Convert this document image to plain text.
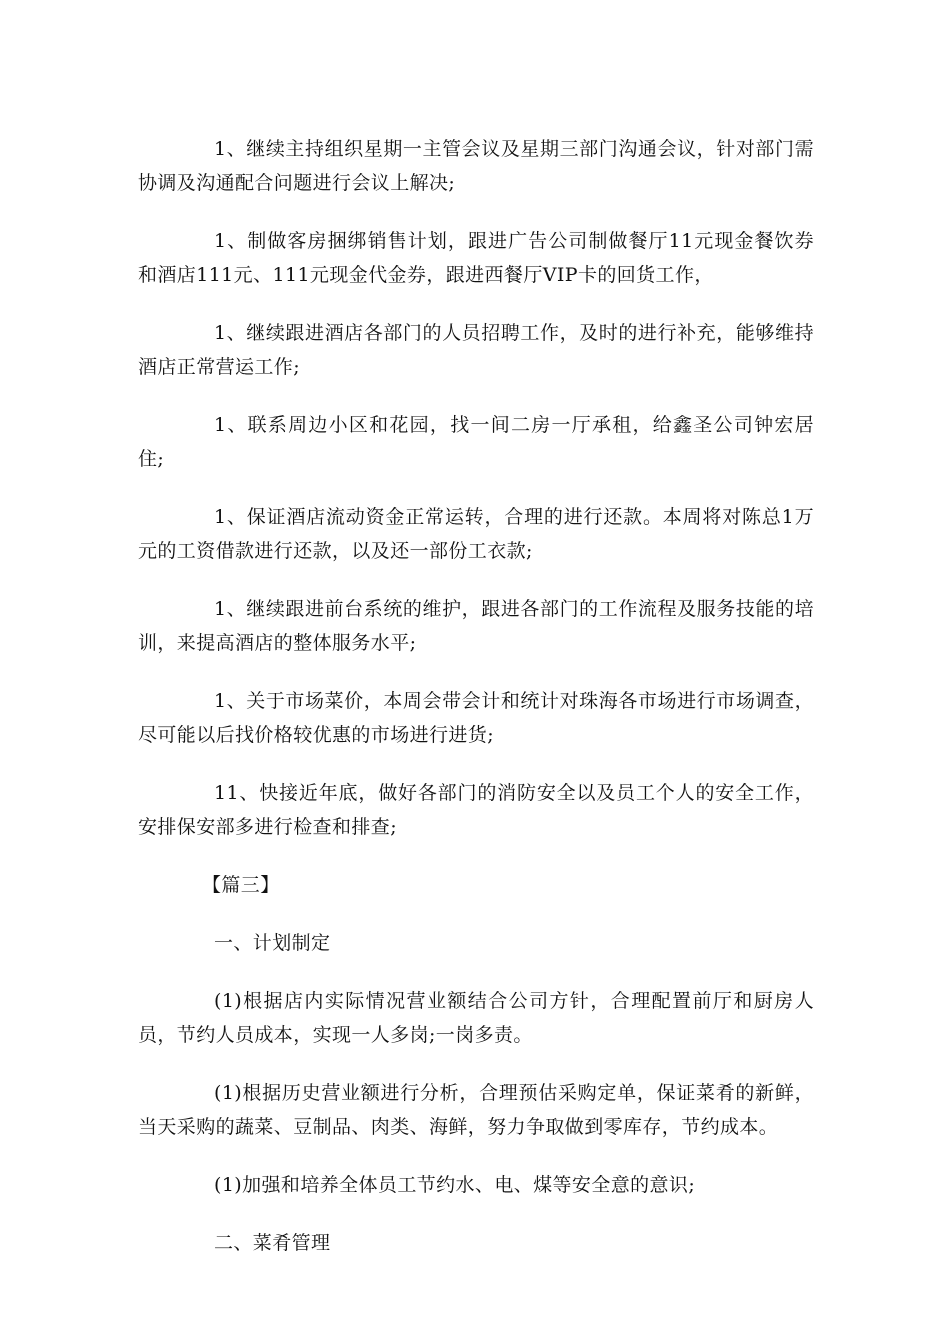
1、继续主持组织星期一主管会议及星期三部门沟通会议，针对部门需协调及沟通配合问题进行会议上解决;

1、制做客房捆绑销售计划，跟进广告公司制做餐厅11元现金餐饮券和酒店111元、111元现金代金券，跟进西餐厅VIP卡的回货工作，

1、继续跟进酒店各部门的人员招聘工作，及时的进行补充，能够维持酒店正常营运工作;

1、联系周边小区和花园，找一间二房一厅承租，给鑫圣公司钟宏居住;

1、保证酒店流动资金正常运转，合理的进行还款。本周将对陈总1万元的工资借款进行还款，以及还一部份工衣款;

1、继续跟进前台系统的维护，跟进各部门的工作流程及服务技能的培训，来提高酒店的整体服务水平;

1、关于市场菜价，本周会带会计和统计对珠海各市场进行市场调查，尽可能以后找价格较优惠的市场进行进货;

11、快接近年底，做好各部门的消防安全以及员工个人的安全工作，安排保安部多进行检查和排查;

【篇三】

一、计划制定

(1)根据店内实际情况营业额结合公司方针，合理配置前厅和厨房人员，节约人员成本，实现一人多岗;一岗多责。

(1)根据历史营业额进行分析，合理预估采购定单，保证菜肴的新鲜，当天采购的蔬菜、豆制品、肉类、海鲜，努力争取做到零库存，节约成本。

(1)加强和培养全体员工节约水、电、煤等安全意的意识;

二、菜肴管理
